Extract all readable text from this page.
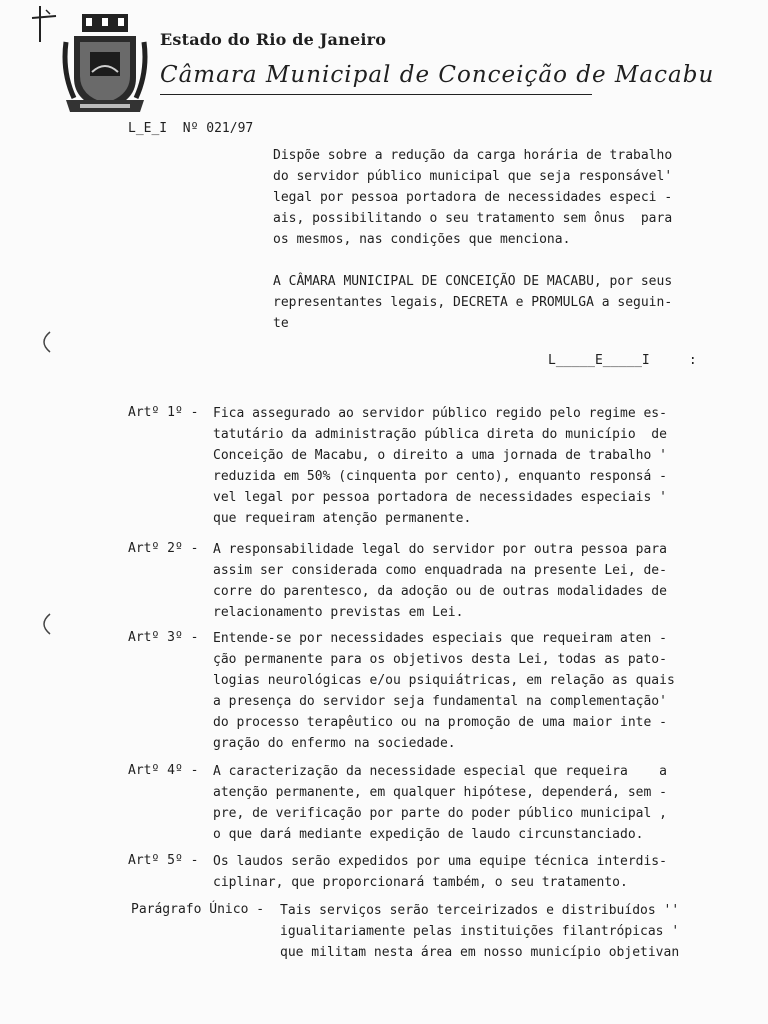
Estado do Rio de Janeiro
Câmara Municipal de Conceição de Macabu
L_E_I  Nº 021/97
Dispõe sobre a redução da carga horária de trabalho
do servidor público municipal que seja responsável'
legal por pessoa portadora de necessidades especi -
ais, possibilitando o seu tratamento sem ônus  para
os mesmos, nas condições que menciona.
A CÂMARA MUNICIPAL DE CONCEIÇÃO DE MACABU, por seus
representantes legais, DECRETA e PROMULGA a seguin-
te
L_____E_____I     :
Artº 1º - Fica assegurado ao servidor público regido pelo regime es-
tatutário da administração pública direta do município  de
Conceição de Macabu, o direito a uma jornada de trabalho '
reduzida em 50% (cinquenta por cento), enquanto responsá -
vel legal por pessoa portadora de necessidades especiais '
que requeiram atenção permanente.
Artº 2º - A responsabilidade legal do servidor por outra pessoa para
assim ser considerada como enquadrada na presente Lei, de-
corre do parentesco, da adoção ou de outras modalidades de
relacionamento previstas em Lei.
Artº 3º - Entende-se por necessidades especiais que requeiram aten -
ção permanente para os objetivos desta Lei, todas as pato-
logias neurológicas e/ou psiquiátricas, em relação as quais
a presença do servidor seja fundamental na complementação'
do processo terapêutico ou na promoção de uma maior inte -
gração do enfermo na sociedade.
Artº 4º - A caracterização da necessidade especial que requeira    a
atenção permanente, em qualquer hipótese, dependerá, sem -
pre, de verificação por parte do poder público municipal ,
o que dará mediante expedição de laudo circunstanciado.
Artº 5º - Os laudos serão expedidos por uma equipe técnica interdis-
ciplinar, que proporcionará também, o seu tratamento.
Parágrafo Único - Tais serviços serão terceirizados e distribuídos ''
igualitariamente pelas instituições filantrópicas '
que militam nesta área em nosso município objetivan
